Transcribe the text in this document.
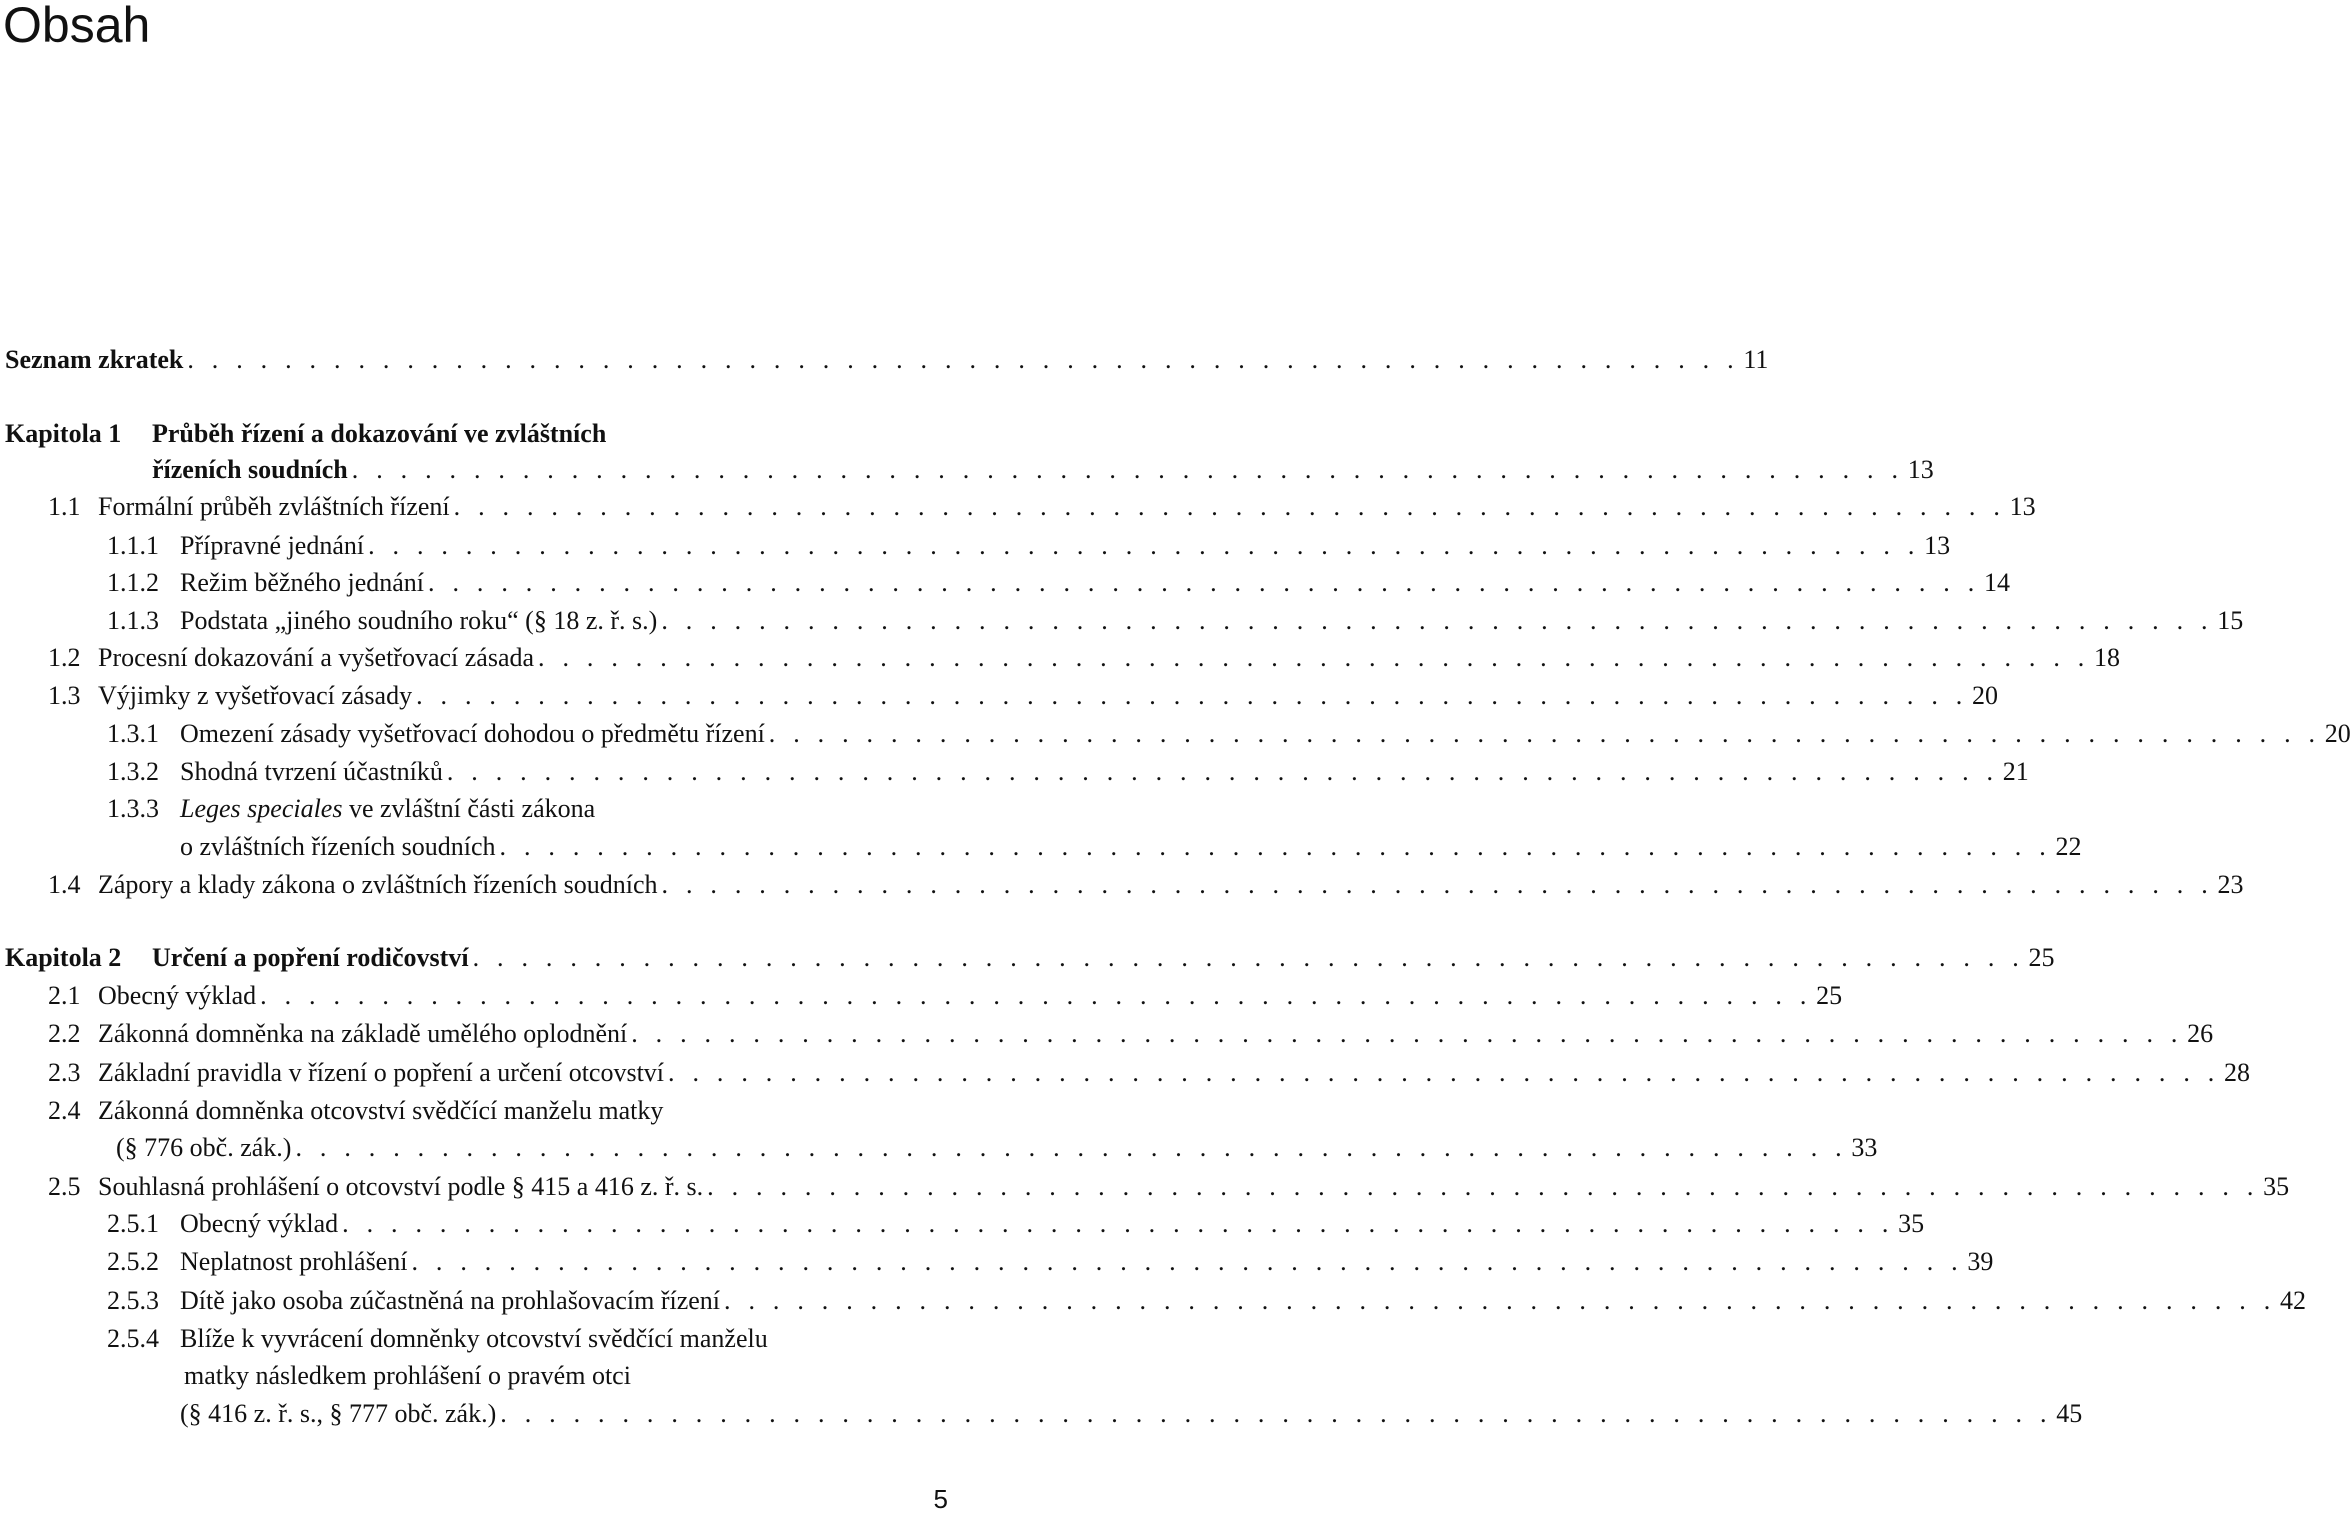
Obsah
Seznam zkratek . . . . . . . . . . . . . . . . . . . . . . . . . . . . . . . . . . . . . . . . . . . . . . . . . . . . . . . . . . . . . . . . 11
Kapitola 1 Průběh řízení a dokazování ve zvláštních
řízeních soudních . . . . . . . . . . . . . . . . . . . . . . . . . . . . . . . . . . . . . . . . . . . . . . . . . . . . . . . . . . . . . . . . 13
1.1 Formální průběh zvláštních řízení . . . . . . . . . . . . . . . . . . . . . . . . . . . . . . . . . . . . . . . . . . . . . . . . . . . . . . . . . . . . . . . . 13
1.1.1 Přípravné jednání . . . . . . . . . . . . . . . . . . . . . . . . . . . . . . . . . . . . . . . . . . . . . . . . . . . . . . . . . . . . . . . . 13
1.1.2 Režim běžného jednání . . . . . . . . . . . . . . . . . . . . . . . . . . . . . . . . . . . . . . . . . . . . . . . . . . . . . . . . . . . . . . . . 14
1.1.3 Podstata „jiného soudního roku“ (§ 18 z. ř. s.) . . . . . . . . . . . . . . . . . . . . . . . . . . . . . . . . . . . . . . . . . . . . . . . . . . . . . . . . . . . . . . . . 15
1.2 Procesní dokazování a vyšetřovací zásada . . . . . . . . . . . . . . . . . . . . . . . . . . . . . . . . . . . . . . . . . . . . . . . . . . . . . . . . . . . . . . . . 18
1.3 Výjimky z vyšetřovací zásady . . . . . . . . . . . . . . . . . . . . . . . . . . . . . . . . . . . . . . . . . . . . . . . . . . . . . . . . . . . . . . . . 20
1.3.1 Omezení zásady vyšetřovací dohodou o předmětu řízení . . . . . . . . . . . . . . . . . . . . . . . . . . . . . . . . . . . . . . . . . . . . . . . . . . . . . . . . . . . . . . . . 20
1.3.2 Shodná tvrzení účastníků . . . . . . . . . . . . . . . . . . . . . . . . . . . . . . . . . . . . . . . . . . . . . . . . . . . . . . . . . . . . . . . . 21
1.3.3 Leges speciales ve zvláštní části zákona
o zvláštních řízeních soudních . . . . . . . . . . . . . . . . . . . . . . . . . . . . . . . . . . . . . . . . . . . . . . . . . . . . . . . . . . . . . . . . 22
1.4 Zápory a klady zákona o zvláštních řízeních soudních . . . . . . . . . . . . . . . . . . . . . . . . . . . . . . . . . . . . . . . . . . . . . . . . . . . . . . . . . . . . . . . . 23
Kapitola 2	Určení a popření rodičovství . . . . . . . . . . . . . . . . . . . . . . . . . . . . . . . . . . . . . . . . . . . . . . . . . . . . . . . . . . . . . . . . 25
2.1 Obecný výklad . . . . . . . . . . . . . . . . . . . . . . . . . . . . . . . . . . . . . . . . . . . . . . . . . . . . . . . . . . . . . . . . 25
2.2 Zákonná domněnka na základě umělého oplodnění . . . . . . . . . . . . . . . . . . . . . . . . . . . . . . . . . . . . . . . . . . . . . . . . . . . . . . . . . . . . . . . . 26
2.3 Základní pravidla v řízení o popření a určení otcovství . . . . . . . . . . . . . . . . . . . . . . . . . . . . . . . . . . . . . . . . . . . . . . . . . . . . . . . . . . . . . . . . 28
2.4 Zákonná domněnka otcovství svědčící manželu matky
(§ 776 obč. zák.) . . . . . . . . . . . . . . . . . . . . . . . . . . . . . . . . . . . . . . . . . . . . . . . . . . . . . . . . . . . . . . . . 33
2.5 Souhlasná prohlášení o otcovství podle § 415 a 416 z. ř. s. . . . . . . . . . . . . . . . . . . . . . . . . . . . . . . . . . . . . . . . . . . . . . . . . . . . . . . . . . . . . . . . . 35
2.5.1 Obecný výklad . . . . . . . . . . . . . . . . . . . . . . . . . . . . . . . . . . . . . . . . . . . . . . . . . . . . . . . . . . . . . . . . 35
2.5.2 Neplatnost prohlášení . . . . . . . . . . . . . . . . . . . . . . . . . . . . . . . . . . . . . . . . . . . . . . . . . . . . . . . . . . . . . . . . 39
2.5.3 Dítě jako osoba zúčastněná na prohlašovacím řízení . . . . . . . . . . . . . . . . . . . . . . . . . . . . . . . . . . . . . . . . . . . . . . . . . . . . . . . . . . . . . . . . 42
2.5.4 Blíže k vyvrácení domněnky otcovství svědčící manželu
matky následkem prohlášení o pravém otci
(§ 416 z. ř. s., § 777 obč. zák.) . . . . . . . . . . . . . . . . . . . . . . . . . . . . . . . . . . . . . . . . . . . . . . . . . . . . . . . . . . . . . . . . 45
5
